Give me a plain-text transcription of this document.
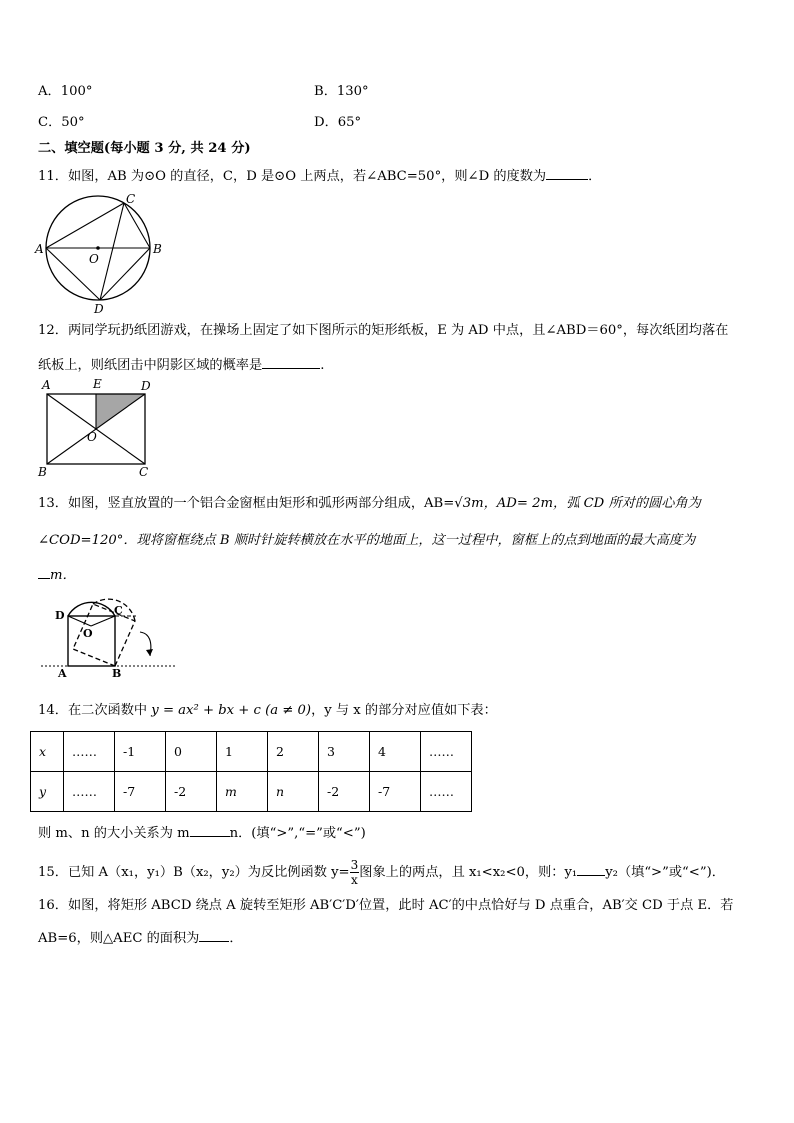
A．100°	B．130°
C．50°	D．65°
二、填空题(每小题 3 分, 共 24 分)
11．如图，AB 为⊙O 的直径，C，D 是⊙O 上两点，若∠ABC=50°，则∠D 的度数为	．
A	B
C
D
O
12．两同学玩扔纸团游戏，在操场上固定了如下图所示的矩形纸板，E 为 AD 中点，且∠ABD＝60°，每次纸团均落在
纸板上，则纸团击中阴影区域的概率是	.
A	E	D
O
B	C
13．如图，竖直放置的一个铝合金窗框由矩形和弧形两部分组成，AB=√3m，AD= 2m，弧 CD 所对的圆心角为
∠COD=120°．现将窗框绕点 B 顺时针旋转横放在水平的地面上，这一过程中，窗框上的点到地面的最大高度为
m．
D	C
O
A	B
14．在二次函数中 y = ax² + bx + c (a ≠ 0)，y 与 x 的部分对应值如下表：
x	……	-1	0	1	2	3	4	……
y	……	-7	-2	m	n	-2	-7	……
则 m、n 的大小关系为 m	n．(填“>”,“=”或“<”)
15．已知 A（x₁，y₁）B（x₂，y₂）为反比例函数 $y= \frac{3}{x}$ 图象上的两点，且 x₁<x₂<0，则：y₁ y₂（填“>”或“<”)．
16．如图，将矩形 ABCD 绕点 A 旋转至矩形 AB′C′D′位置，此时 AC′的中点恰好与 D 点重合，AB′交 CD 于点 E．若
AB=6，则△AEC 的面积为 ．
